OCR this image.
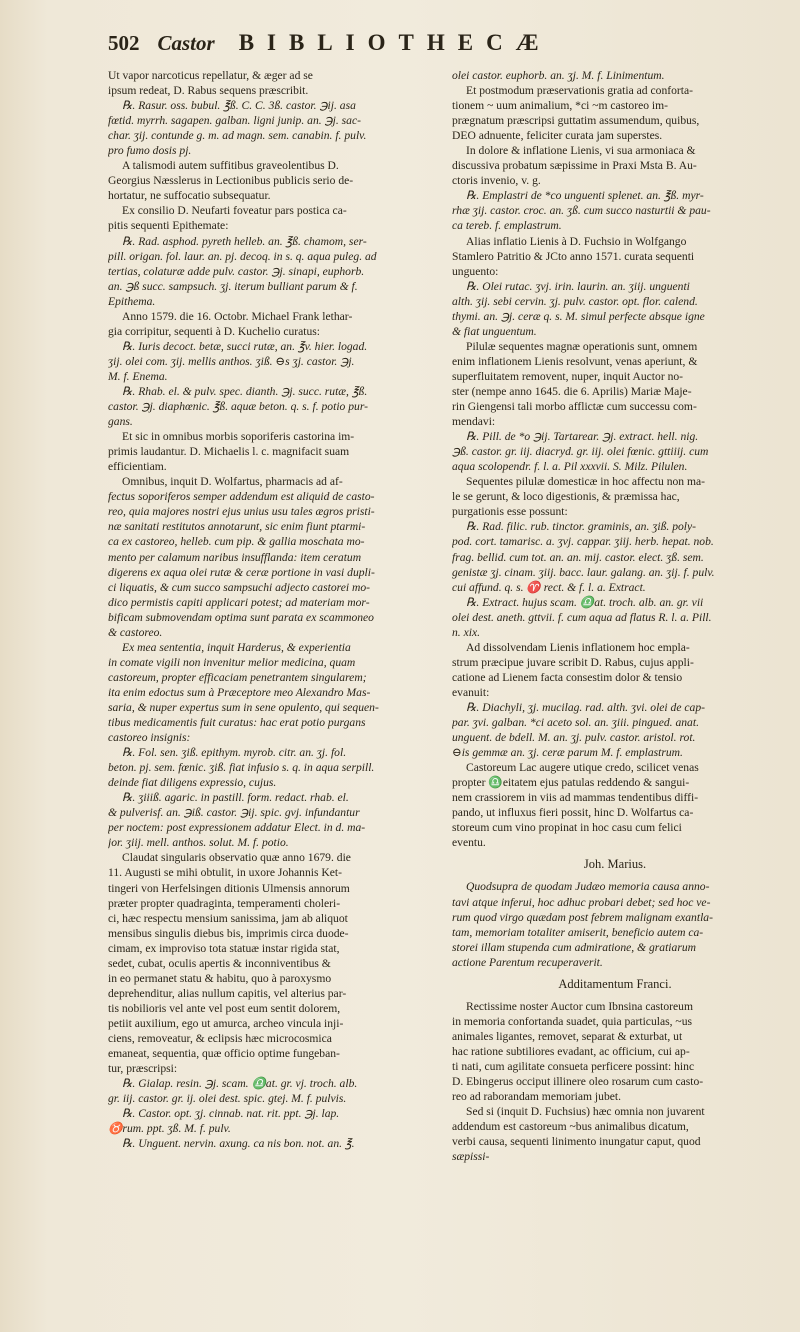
502 Castor BIBLIOTHECÆ
Ut vapor narcoticus repellatur, & æger ad se
ipsum redeat, D. Rabus sequens præscribit.
℞. Rasur. oss. bubul. ℥ß. C. C. 3ß. castor. ℈ij. asa
fœtid. myrrh. sagapen. galban. ligni junip. an. ℈j. sac-
char. ʒij. contunde g. m. ad magn. sem. canabin. f. pulv.
pro fumo dosis pj.
A talismodi autem suffitibus graveolentibus D.
Georgius Næsslerus in Lectionibus publicis serio de-
hortatur, ne suffocatio subsequatur.
Ex consilio D. Neufarti foveatur pars postica ca-
pitis sequenti Epithemate:
℞. Rad. asphod. pyreth helleb. an. ℥ß. chamom, ser-
pill. origan. fol. laur. an. pj. decoq. in s. q. aqua puleg. ad
tertias, colaturæ adde pulv. castor. ℈j. sinapi, euphorb.
an. ℈ß succ. sampsuch. ʒj. iterum bulliant parum & f.
Epithema.
Anno 1579. die 16. Octobr. Michael Frank lethar-
gia corripitur, sequenti à D. Kuchelio curatus:
℞. Iuris decoct. betæ, succi rutæ, an. ℥v. hier. logad.
ʒij. olei com. ʒij. mellis anthos. ʒiß. ⊖s ʒj. castor. ℈j.
M. f. Enema.
℞. Rhab. el. & pulv. spec. dianth. ℈j. succ. rutæ, ℥ß.
castor. ℈j. diaphœnic. ℥ß. aquæ beton. q. s. f. potio pur-
gans.
Et sic in omnibus morbis soporiferis castorina im-
primis laudantur. D. Michaelis l. c. magnifacit suam
efficientiam.
Omnibus, inquit D. Wolfartus, pharmacis ad af-
fectus soporiferos semper addendum est aliquid de casto-
reo, quia majores nostri ejus unius usu tales ægros pristi-
næ sanitati restitutos annotarunt, sic enim fiunt ptarmi-
ca ex castoreo, helleb. cum pip. & gallia moschata mo-
mento per calamum naribus insufflanda: item ceratum
digerens ex aqua olei rutæ & ceræ portione in vasi dupli-
ci liquatis, & cum succo sampsuchi adjecto castorei mo-
dico permistis capiti applicari potest; ad materiam mor-
bificam submovendam optima sunt parata ex scammoneo
& castoreo.
Ex mea sententia, inquit Harderus, & experientia
in comate vigili non invenitur melior medicina, quam
castoreum, propter efficaciam penetrantem singularem;
ita enim edoctus sum à Præceptore meo Alexandro Mas-
saria, & nuper expertus sum in sene opulento, qui sequen-
tibus medicamentis fuit curatus: hac erat potio purgans
castoreo insignis:
℞. Fol. sen. ʒiß. epithym. myrob. citr. an. ʒj. fol.
beton. pj. sem. fœnic. ʒiß. fiat infusio s. q. in aqua serpill.
deinde fiat diligens expressio, cujus.
℞. ʒiiiß. agaric. in pastill. form. redact. rhab. el.
& pulverisf. an. ℈iß. castor. ℈ij. spic. gvj. infundantur
per noctem: post expressionem addatur Elect. in d. ma-
jor. ʒiij. mell. anthos. solut. M. f. potio.
Claudat singularis observatio quæ anno 1679. die
11. Augusti se mihi obtulit, in uxore Johannis Ket-
tingeri von Herfelsingen ditionis Ulmensis annorum
præter propter quadraginta, temperamenti choleri-
ci, hæc respectu mensium sanissima, jam ab aliquot
mensibus singulis diebus bis, imprimis circa duode-
cimam, ex improviso tota statuæ instar rigida stat,
sedet, cubat, oculis apertis & inconniventibus &
in eo permanet statu & habitu, quo à paroxysmo
deprehenditur, alias nullum capitis, vel alterius par-
tis nobilioris vel ante vel post eum sentit dolorem,
petiit auxilium, ego ut amurca, archeo vincula inji-
ciens, removeatur, & eclipsis hæc microcosmica
emaneat, sequentia, quæ officio optime fungeban-
tur, præscripsi:
℞. Gialap. resin. ℈j. scam. ♎at. gr. vj. troch. alb.
gr. iij. castor. gr. ij. olei dest. spic. gtej. M. f. pulvis.
℞. Castor. opt. ʒj. cinnab. nat. rit. ppt. ℈j. lap.
♉rum. ppt. ʒß. M. f. pulv.
℞. Unguent. nervin. axung. ca nis bon. not. an. ℥.
olei castor. euphorb. an. ʒj. M. f. Linimentum.
Et postmodum præservationis gratia ad conforta-
tionem ~ uum animalium, *ci ~m castoreo im-
prægnatum præscripsi guttatim assumendum, quibus,
DEO adnuente, feliciter curata jam superstes.
In dolore & inflatione Lienis, vi sua armoniaca &
discussiva probatum sæpissime in Praxi Msta B. Au-
ctoris invenio, v. g.
℞. Emplastri de *co unguenti splenet. an. ℥ß. myr-
rhæ ʒij. castor. croc. an. ʒß. cum succo nasturtii & pau-
ca tereb. f. emplastrum.
Alias inflatio Lienis à D. Fuchsio in Wolfgango
Stamlero Patritio & JCto anno 1571. curata sequenti
unguento:
℞. Olei rutac. ʒvj. irin. laurin. an. ʒiij. unguenti
alth. ʒij. sebi cervin. ʒj. pulv. castor. opt. flor. calend.
thymi. an. ℈j. ceræ q. s. M. simul perfecte absque igne
& fiat unguentum.
Pilulæ sequentes magnæ operationis sunt, omnem
enim inflationem Lienis resolvunt, venas aperiunt, &
superfluitatem removent, nuper, inquit Auctor no-
ster (nempe anno 1645. die 6. Aprilis) Mariæ Maje-
rin Giengensi tali morbo afflictæ cum successu com-
mendavi:
℞. Pill. de *o ℈ij. Tartarear. ℈j. extract. hell. nig.
℈ß. castor. gr. iij. diacryd. gr. iij. olei fœnic. gttiiij. cum
aqua scolopendr. f. l. a. Pil xxxvii. S. Milz. Pilulen.
Sequentes pilulæ domesticæ in hoc affectu non ma-
le se gerunt, & loco digestionis, & præmissa hac,
purgationis esse possunt:
℞. Rad. filic. rub. tinctor. graminis, an. ʒiß. poly-
pod. cort. tamarisc. a. ʒvj. cappar. ʒiij. herb. hepat. nob.
frag. bellid. cum tot. an. an. mij. castor. elect. ʒß. sem.
genistæ ʒj. cinam. ʒiij. bacc. laur. galang. an. ʒij. f. pulv.
cui affund. q. s. ♈ rect. & f. l. a. Extract.
℞. Extract. hujus scam. ♎at. troch. alb. an. gr. vii
olei dest. aneth. gttvii. f. cum aqua ad flatus R. l. a. Pill.
n. xix.
Ad dissolvendam Lienis inflationem hoc empla-
strum præcipue juvare scribit D. Rabus, cujus appli-
catione ad Lienem facta consestim dolor & tensio
evanuit:
℞. Diachyli, ʒj. mucilag. rad. alth. ʒvi. olei de cap-
par. ʒvi. galban. *ci aceto sol. an. ʒiii. pingued. anat.
unguent. de bdell. M. an. ʒj. pulv. castor. aristol. rot.
⊖is gemmæ an. ʒj. ceræ parum M. f. emplastrum.
Castoreum Lac augere utique credo, scilicet venas
propter ♎eitatem ejus patulas reddendo & sangui-
nem crassiorem in viis ad mammas tendentibus diffi-
pando, ut influxus fieri possit, hinc D. Wolfartus ca-
storeum cum vino propinat in hoc casu cum felici
eventu.
Joh. Marius.
Quodsupra de quodam Judæo memoria causa anno-
tavi atque inferui, hoc adhuc probari debet; sed hoc ve-
rum quod virgo quædam post febrem malignam exantla-
tam, memoriam totaliter amiserit, beneficio autem ca-
storei illam stupenda cum admiratione, & gratiarum
actione Parentum recuperaverit.
Additamentum Franci.
Rectissime noster Auctor cum Ibnsina castoreum
in memoria confortanda suadet, quia particulas, ~us
animales ligantes, removet, separat & exturbat, ut
hac ratione subtiliores evadant, ac officium, cui ap-
ti nati, cum agilitate consueta perficere possint: hinc
D. Ebingerus occiput illinere oleo rosarum cum casto-
reo ad raborandam memoriam jubet.
Sed si (inquit D. Fuchsius) hæc omnia non juvarent
addendum est castoreum ~bus animalibus dicatum,
verbi causa, sequenti linimento inungatur caput, quod
sæpissi-
